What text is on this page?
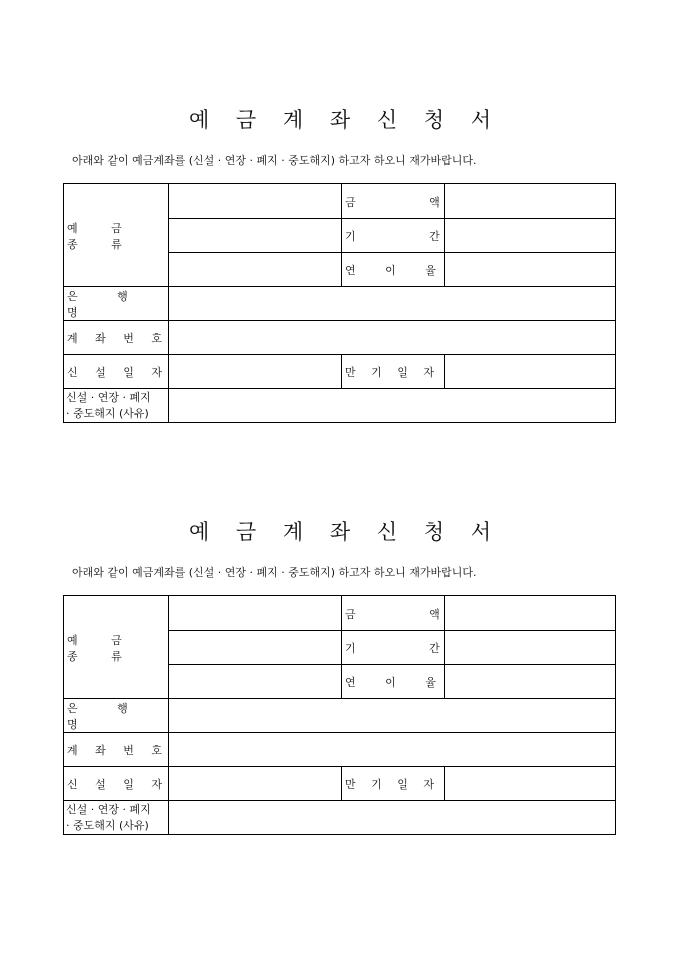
예 금 계 좌 신 청 서
아래와 같이 예금계좌를 (신설 · 연장 · 폐지 · 중도해지) 하고자 하오니 재가바랍니다.
예 금 종 류
금 액
기 간
연 이 율
은 행 명
계 좌 번 호
신 설 일 자	만 기 일 자
신설 · 연장 · 폐지
· 중도해지 (사유)
예 금 계 좌 신 청 서
아래와 같이 예금계좌를 (신설 · 연장 · 폐지 · 중도해지) 하고자 하오니 재가바랍니다.
예 금 종 류
금 액
기 간
연 이 율
은 행 명
계 좌 번 호
신 설 일 자	만 기 일 자
신설 · 연장 · 폐지
· 중도해지 (사유)
